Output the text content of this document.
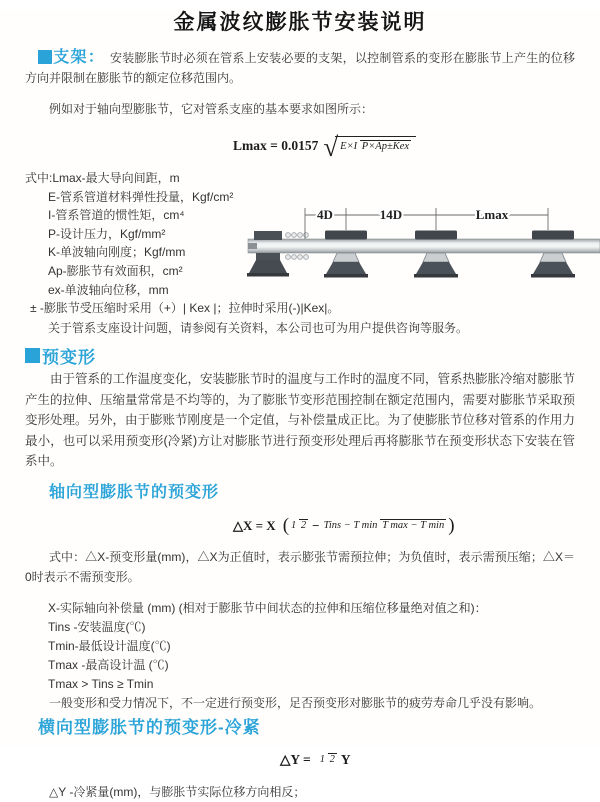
金属波纹膨胀节安装说明

支架： 安装膨胀节时必须在管系上安装必要的支架，以控制管系的变形在膨胀节上产生的位移方向并限制在膨胀节的额定位移范围内。

例如对于轴向型膨胀节，它对管系支座的基本要求如图所示：

Lmax = 0.0157 √ E×I P×Ap±Kex
式中:Lmax-最大导向间距，m
E-管系管道材料弹性投量，Kgf/cm²
I-管系管道的惯性矩，cm⁴
P-设计压力，Kgf/mm²
K-单波轴向刚度；Kgf/mm
Ap-膨胀节有效面积，cm²
ex-单波轴向位移，mm
± -膨胀节受压缩时采用（+）| Kex |；拉伸时采用(-)|Kex|。
关于管系支座设计问题，请参阅有关资料，本公司也可为用户提供咨询等服务。
4D	14D	Lmax
预变形

由于管系的工作温度变化，安装膨胀节时的温度与工作时的温度不同，管系热膨胀冷缩对膨胀节产生的拉伸、压缩量常常是不均等的，为了膨胀节变形范围控制在额定范围内，需要对膨胀节采取预变形处理。另外，由于膨账节刚度是一个定值，与补偿量成正比。为了使膨胀节位移对管系的作用力最小，也可以采用预变形(冷紧)方让对膨胀节进行预变形处理后再将膨胀节在预变形状态下安装在管系中。

轴向型膨胀节的预变形
△X = X ( 1 2 − Tins − T min T max − T min )

式中：△X-预变形量(mm)，△X为正值时，表示膨张节需预拉伸；为负值时，表示需预压缩；△X＝0时表示不需预变形。

X-实际轴向补偿量 (mm) (相对于膨胀节中间状态的拉伸和压缩位移量绝对值之和)：
Tins -安装温度(℃)
Tmin-最低设计温度(℃)
Tmax -最高设计温 (℃)
Tmax > Tins ≥ Tmin

一般变形和受力情况下，不一定进行预变形，足否预变形对膨胀节的疲劳寿命几乎没有影响。

横向型膨胀节的预变形-冷紧
△Y = 1 2 Y

△Y -冷紧量(mm)，与膨胀节实际位移方向相反；
